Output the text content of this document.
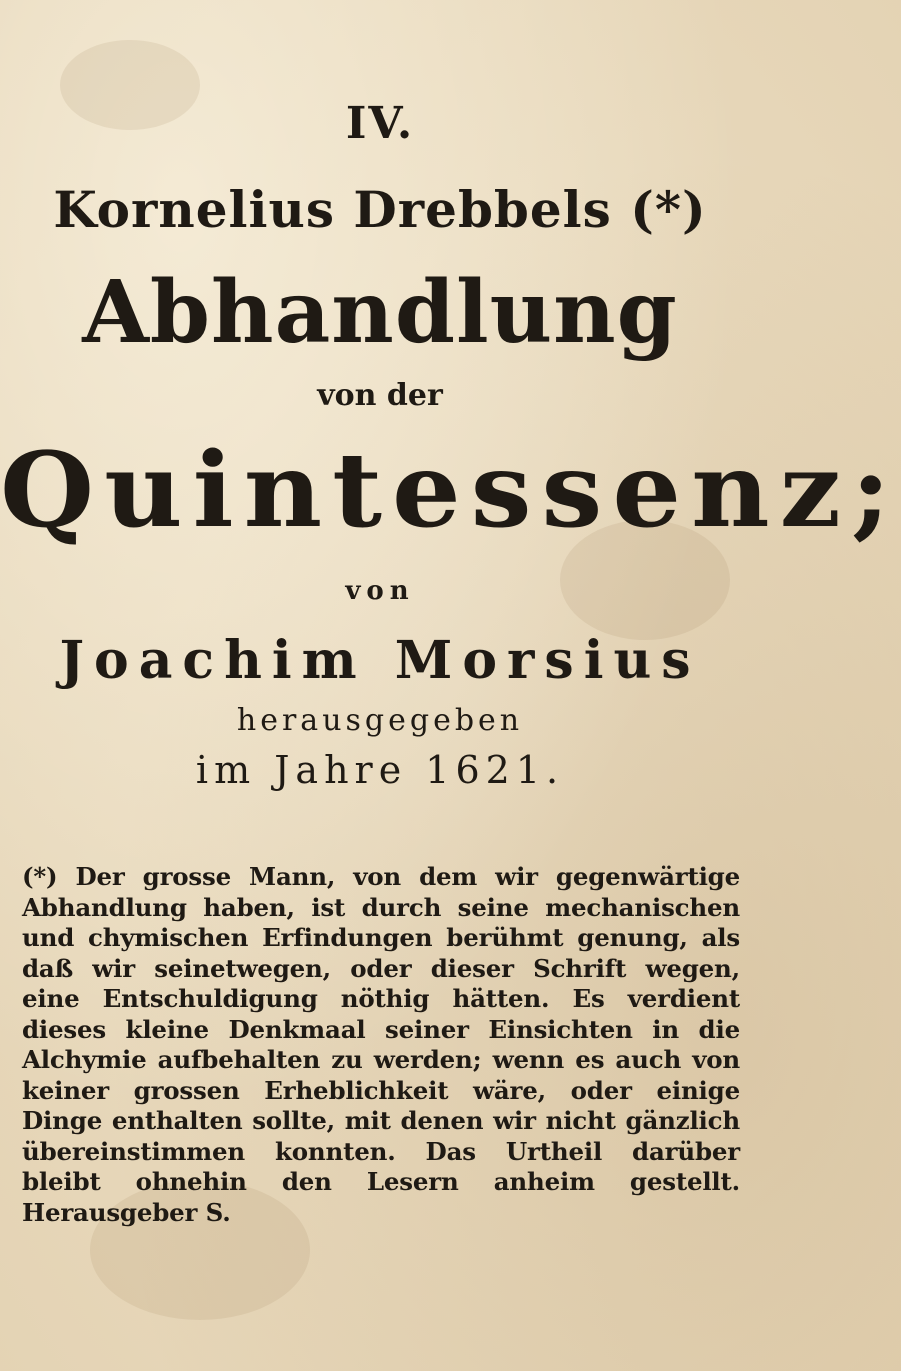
IV.
Kornelius Drebbels (*)
Abhandlung
von der
Quintessenz;
von
Joachim Morsius
herausgegeben
im Jahre 1621.
(*) Der grosse Mann, von dem wir gegenwärtige Abhandlung haben, ist durch seine mechanischen und chymischen Erfindungen berühmt genung, als daß wir seinetwegen, oder dieser Schrift wegen, eine Entschuldigung nöthig hätten. Es verdient dieses kleine Denkmaal seiner Einsichten in die Alchymie aufbehalten zu werden; wenn es auch von keiner grossen Erheblichkeit wäre, oder einige Dinge enthalten sollte, mit denen wir nicht gänzlich übereinstimmen konnten. Das Urtheil darüber bleibt ohnehin den Lesern anheim gestellt. Herausgeber S.
